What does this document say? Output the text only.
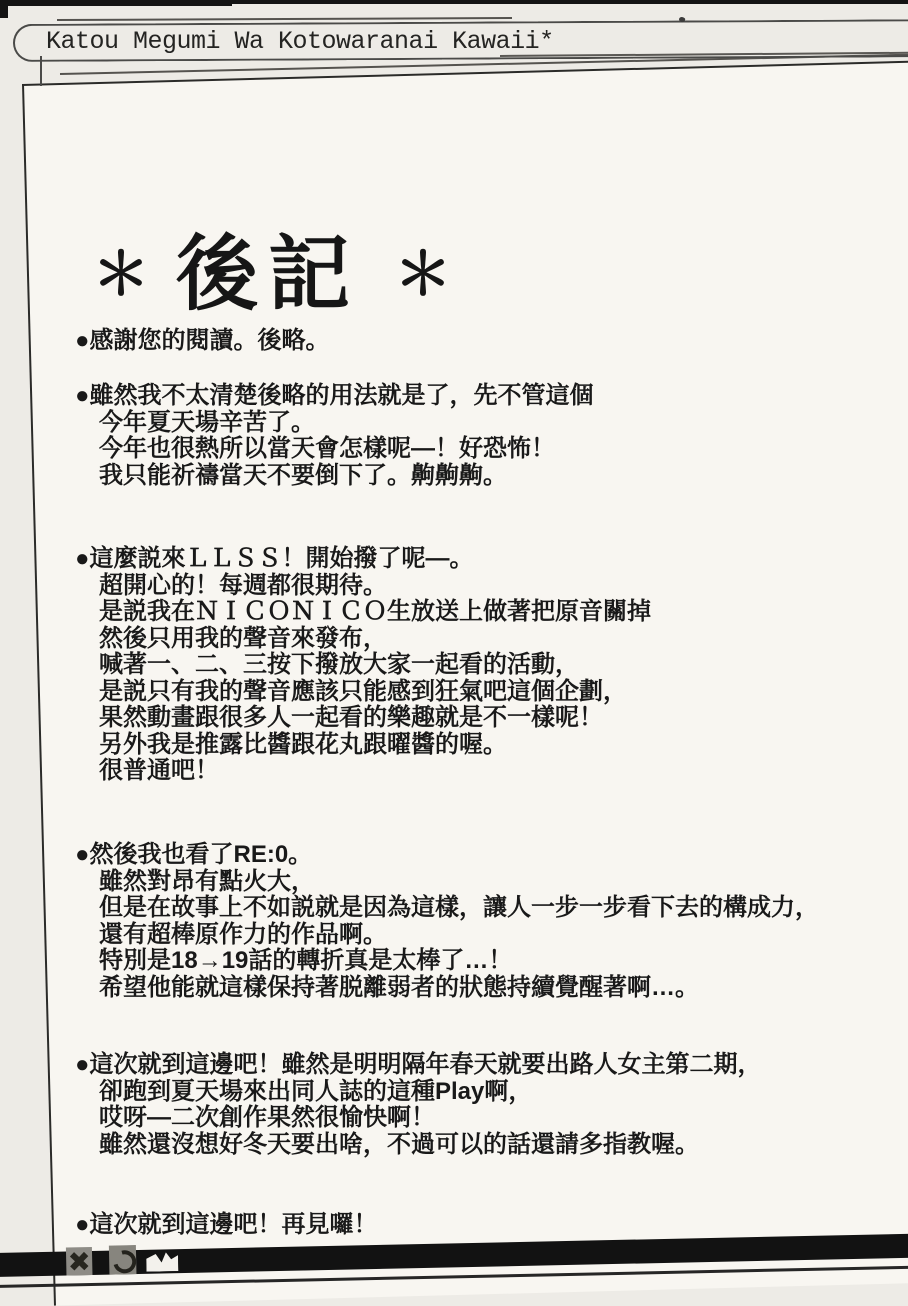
Katou Megumi Wa Kotowaranai Kawaii*
＊ 後記 ＊
●感謝您的閱讀。後略。
●雖然我不太清楚後略的用法就是了，先不管這個
今年夏天場辛苦了。
今年也很熱所以當天會怎樣呢—！好恐怖！
我只能祈禱當天不要倒下了。齁齁齁。
●這麼説來ＬＬＳＳ！開始撥了呢—。
超開心的！每週都很期待。
是説我在ＮＩＣＯＮＩＣＯ生放送上做著把原音關掉
然後只用我的聲音來發布，
喊著一、二、三按下撥放大家一起看的活動，
是説只有我的聲音應該只能感到狂氣吧這個企劃，
果然動畫跟很多人一起看的樂趣就是不一樣呢！
另外我是推露比醬跟花丸跟曜醬的喔。
很普通吧！
●然後我也看了RE:0。
雖然對昂有點火大，
但是在故事上不如説就是因為這樣，讓人一步一步看下去的構成力，
還有超棒原作力的作品啊。
特別是18→19話的轉折真是太棒了…！
希望他能就這樣保持著脱離弱者的狀態持續覺醒著啊…。
●這次就到這邊吧！雖然是明明隔年春天就要出路人女主第二期，
卻跑到夏天場來出同人誌的這種Play啊，
哎呀—二次創作果然很愉快啊！
雖然還沒想好冬天要出啥，不過可以的話還請多指教喔。
●這次就到這邊吧！再見囉！
